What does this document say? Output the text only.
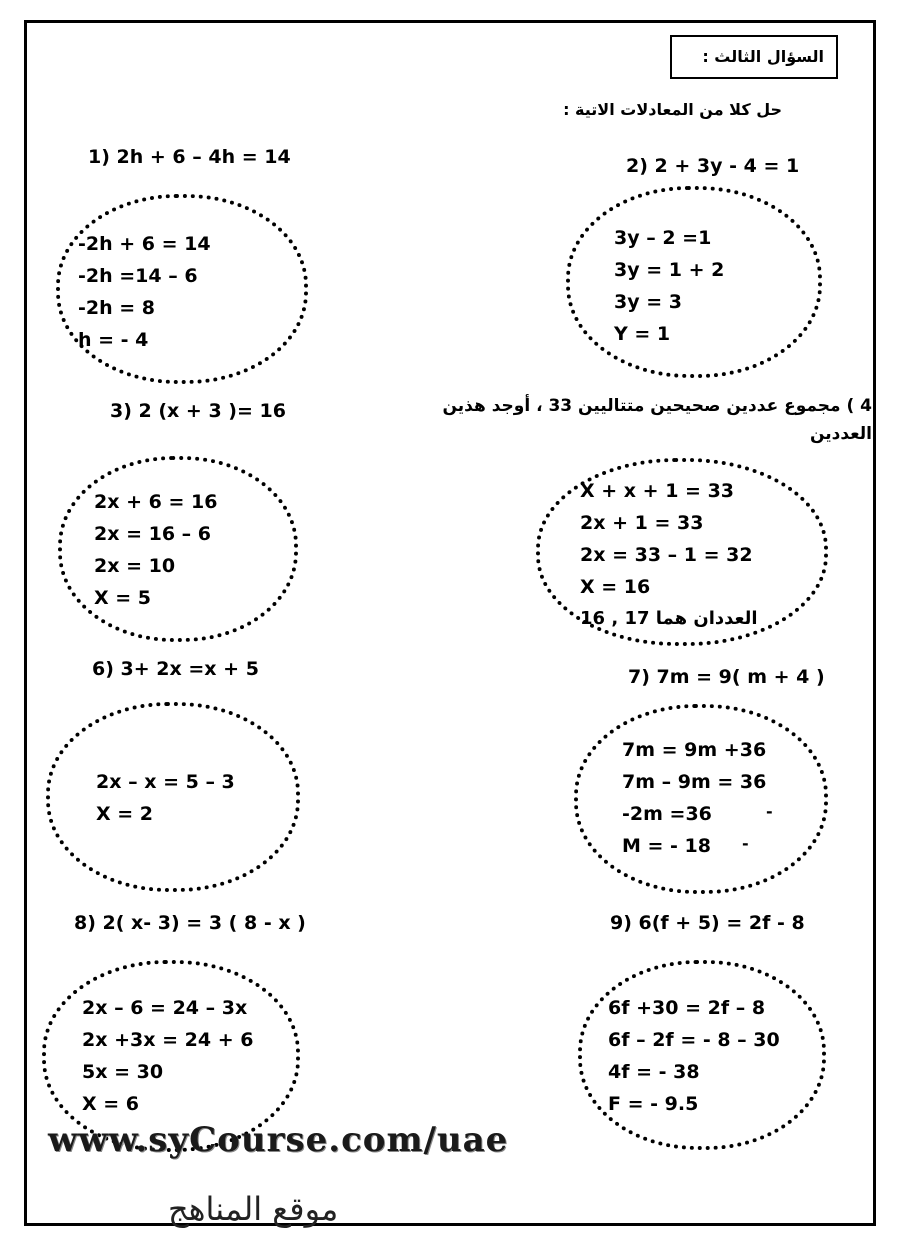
السؤال الثالث :
حل كلا من المعادلات الاتية :
1) 2h + 6 – 4h = 14
-2h + 6 = 14
-2h =14 – 6
-2h = 8
h = - 4
2) 2 + 3y - 4 = 1
3y – 2 =1
3y = 1 + 2
3y = 3
Y = 1
3) 2 (x + 3 )= 16
2x + 6 = 16
2x = 16 – 6
2x = 10
X = 5
4 ) مجموع عددين صحيحين متتاليين 33 ، أوجد هذين العددين
X + x + 1 = 33
2x + 1 = 33
2x = 33 – 1 = 32
X = 16
العددان هما 17 , 16
6) 3+ 2x =x + 5
2x – x = 5 – 3
X = 2
7) 7m = 9( m + 4 )
7m = 9m +36
7m – 9m = 36
-2m =36
M = - 18
-
-
8) 2( x- 3) = 3 ( 8 - x )
2x – 6 = 24 – 3x
2x +3x = 24 + 6
5x = 30
X = 6
9) 6(f + 5) = 2f - 8
6f +30 = 2f – 8
6f – 2f = - 8 – 30
4f = - 38
F = - 9.5
www.syCourse.com/uae
موقع المناهج
